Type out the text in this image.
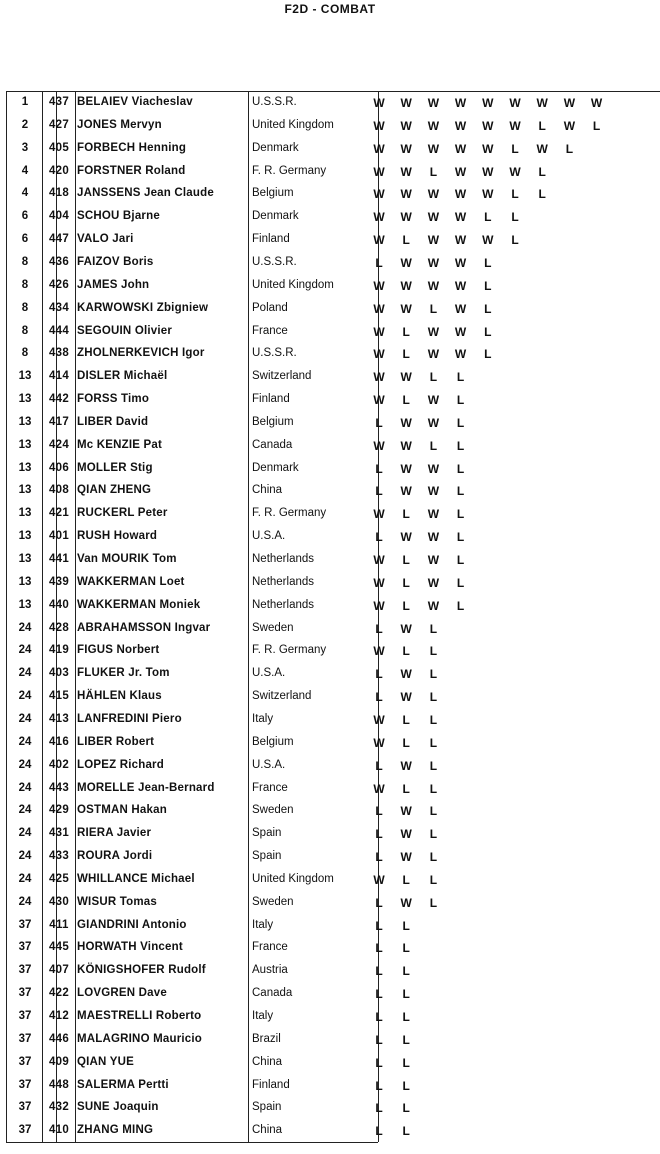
F2D - COMBAT
1	437 BELAIEV Viacheslav	U.S.S.R.	W W W W W W W W W
2	427 JONES Mervyn	United Kingdom	W W W W W W	L	W	L
3	405 FORBECH Henning	Denmark	W W W W W	L	W	L
4	420 FORSTNER Roland	F. R. Germany	W W	L	W W W	L
4	418 JANSSENS Jean Claude	Belgium	W W W W W	L	L
6	404 SCHOU Bjarne	Denmark	W W W W	L	L
6	447 VALO Jari	Finland	W	L	W W W	L
8	436 FAIZOV Boris	U.S.S.R.	L	W W W	L
8	426 JAMES John	United Kingdom	W W W W	L
8	434 KARWOWSKI Zbigniew	Poland	W W	L	W	L
8	444 SEGOUIN Olivier	France	W	L	W W	L
8	438 ZHOLNERKEVICH Igor	U.S.S.R.	W	L	W W	L
13	414 DISLER Michaël	Switzerland	W W	L	L
13	442 FORSS Timo	Finland	W	L	W	L
13	417 LIBER David	Belgium	L	W W	L
13	424 Mc KENZIE Pat	Canada	W W	L	L
13	406 MOLLER Stig	Denmark	L	W W	L
13	408 QIAN ZHENG	China	L	W W	L
13	421 RUCKERL Peter	F. R. Germany	W	L	W	L
13	401 RUSH Howard	U.S.A.	L	W W	L
13	441 Van MOURIK Tom	Netherlands	W	L	W	L
13	439 WAKKERMAN Loet	Netherlands	W	L	W	L
13	440 WAKKERMAN Moniek	Netherlands	W	L	W	L
24	428 ABRAHAMSSON Ingvar	Sweden	L	W	L
24	419 FIGUS Norbert	F. R. Germany	W	L	L
24	403 FLUKER Jr. Tom	U.S.A.	L	W	L
24	415 HÄHLEN Klaus	Switzerland	L	W	L
24	413 LANFREDINI Piero	Italy	W	L	L
24	416 LIBER Robert	Belgium	W	L	L
24	402 LOPEZ Richard	U.S.A.	L	W	L
24	443 MORELLE Jean-Bernard	France	W	L	L
24	429 OSTMAN Hakan	Sweden	L	W	L
24	431 RIERA Javier	Spain	L	W	L
24	433 ROURA Jordi	Spain	L	W	L
24	425 WHILLANCE Michael	United Kingdom	W	L	L
24	430 WISUR Tomas	Sweden	L	W	L
37	411 GIANDRINI Antonio	Italy	L	L
37	445 HORWATH Vincent	France	L	L
37	407 KÖNIGSHOFER Rudolf	Austria	L	L
37	422 LOVGREN Dave	Canada	L	L
37	412 MAESTRELLI Roberto	Italy	L	L
37	446 MALAGRINO Mauricio	Brazil	L	L
37	409 QIAN YUE	China	L	L
37	448 SALERMA Pertti	Finland	L	L
37	432 SUNE Joaquin	Spain	L	L
37	410 ZHANG MING	China	L	L
